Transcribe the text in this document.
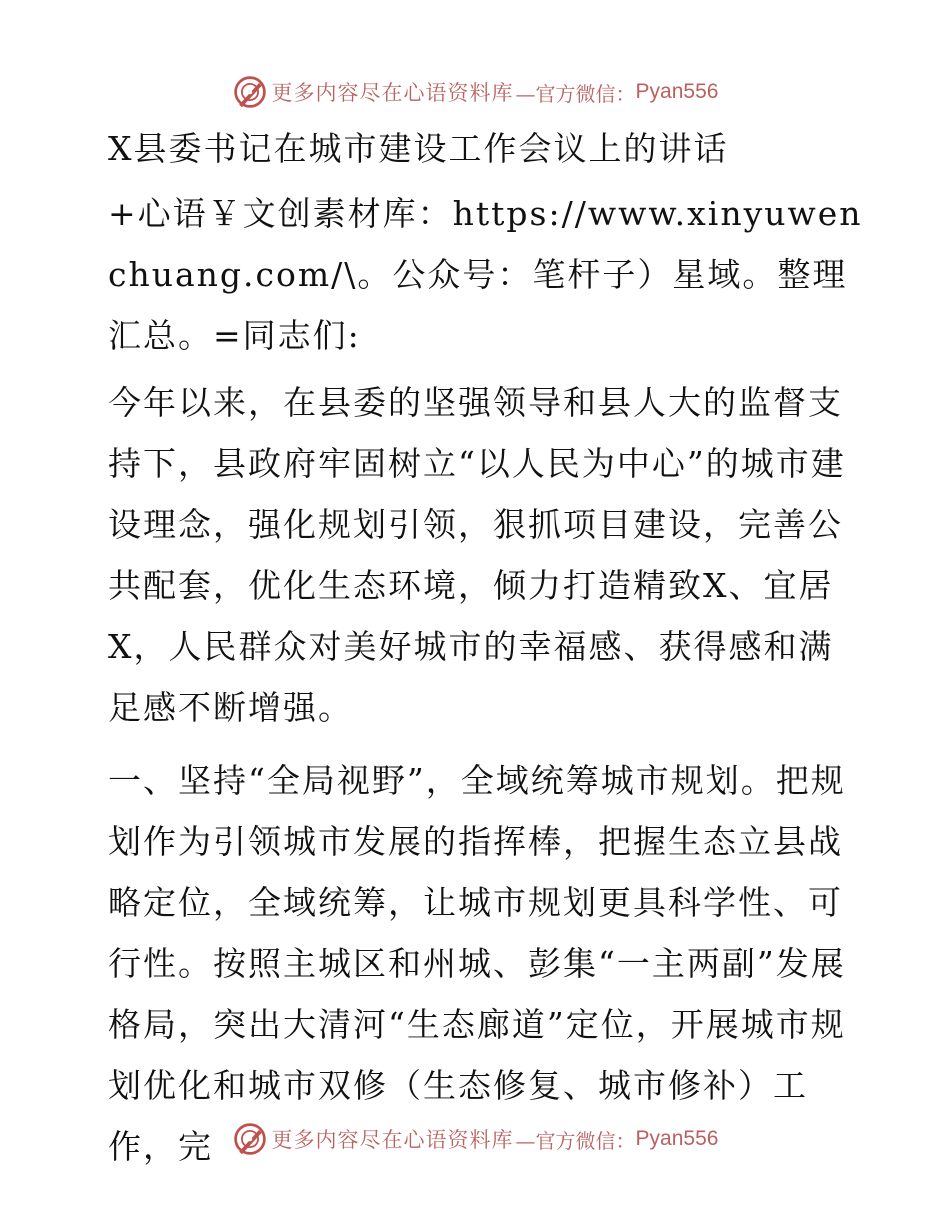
更多内容尽在心语资料库 —官方微信： Pyan556

X县委书记在城市建设工作会议上的讲话

+心语￥文创素材库：https://www.xinyuwenchuang.com/\。公众号：笔杆子）星域。整理汇总。=同志们:

今年以来，在县委的坚强领导和县人大的监督支持下，县政府牢固树立“以人民为中心”的城市建设理念，强化规划引领，狠抓项目建设，完善公共配套，优化生态环境，倾力打造精致X、宜居X，人民群众对美好城市的幸福感、获得感和满足感不断增强。

一、坚持“全局视野”，全域统筹城市规划。把规划作为引领城市发展的指挥棒，把握生态立县战略定位，全域统筹，让城市规划更具科学性、可行性。按照主城区和州城、彭集“一主两副”发展格局，突出大清河“生态廊道”定位，开展城市规划优化和城市双修（生态修复、城市修补）工作，完	更多内容尽在心语资料库 —官方微信： Pyan556
